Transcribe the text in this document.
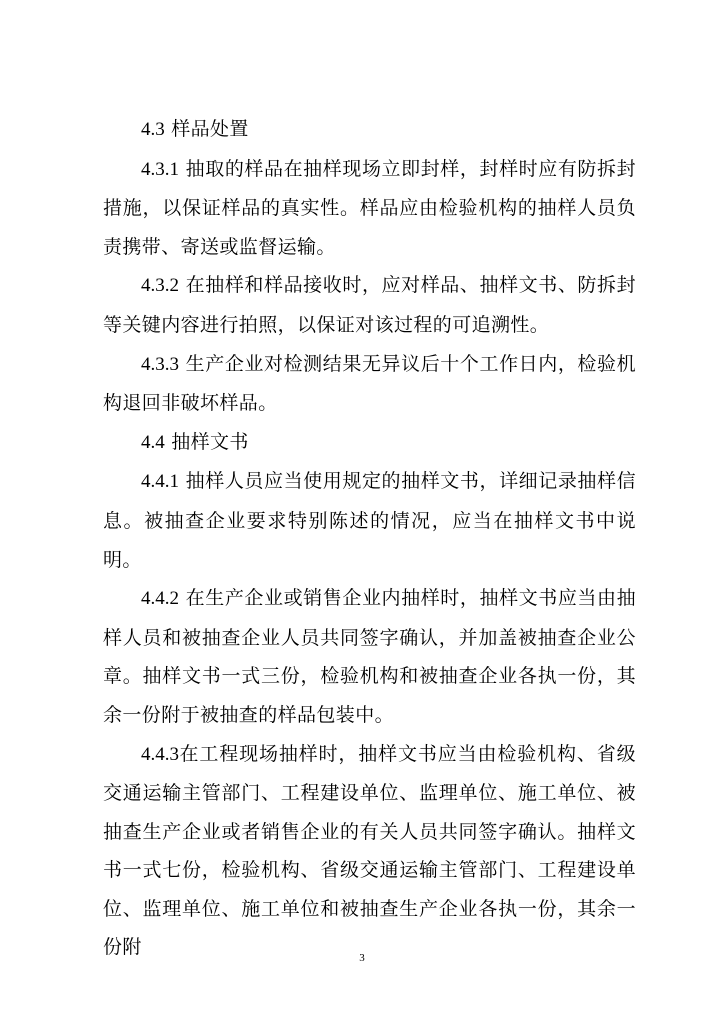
4.3 样品处置

4.3.1 抽取的样品在抽样现场立即封样，封样时应有防拆封措施，以保证样品的真实性。样品应由检验机构的抽样人员负责携带、寄送或监督运输。

4.3.2 在抽样和样品接收时，应对样品、抽样文书、防拆封等关键内容进行拍照，以保证对该过程的可追溯性。

4.3.3 生产企业对检测结果无异议后十个工作日内，检验机构退回非破坏样品。

4.4 抽样文书

4.4.1 抽样人员应当使用规定的抽样文书，详细记录抽样信息。被抽查企业要求特别陈述的情况，应当在抽样文书中说明。

4.4.2 在生产企业或销售企业内抽样时，抽样文书应当由抽样人员和被抽查企业人员共同签字确认，并加盖被抽查企业公章。抽样文书一式三份，检验机构和被抽查企业各执一份，其余一份附于被抽查的样品包装中。

4.4.3在工程现场抽样时，抽样文书应当由检验机构、省级交通运输主管部门、工程建设单位、监理单位、施工单位、被抽查生产企业或者销售企业的有关人员共同签字确认。抽样文书一式七份，检验机构、省级交通运输主管部门、工程建设单位、监理单位、施工单位和被抽查生产企业各执一份，其余一份附	3
